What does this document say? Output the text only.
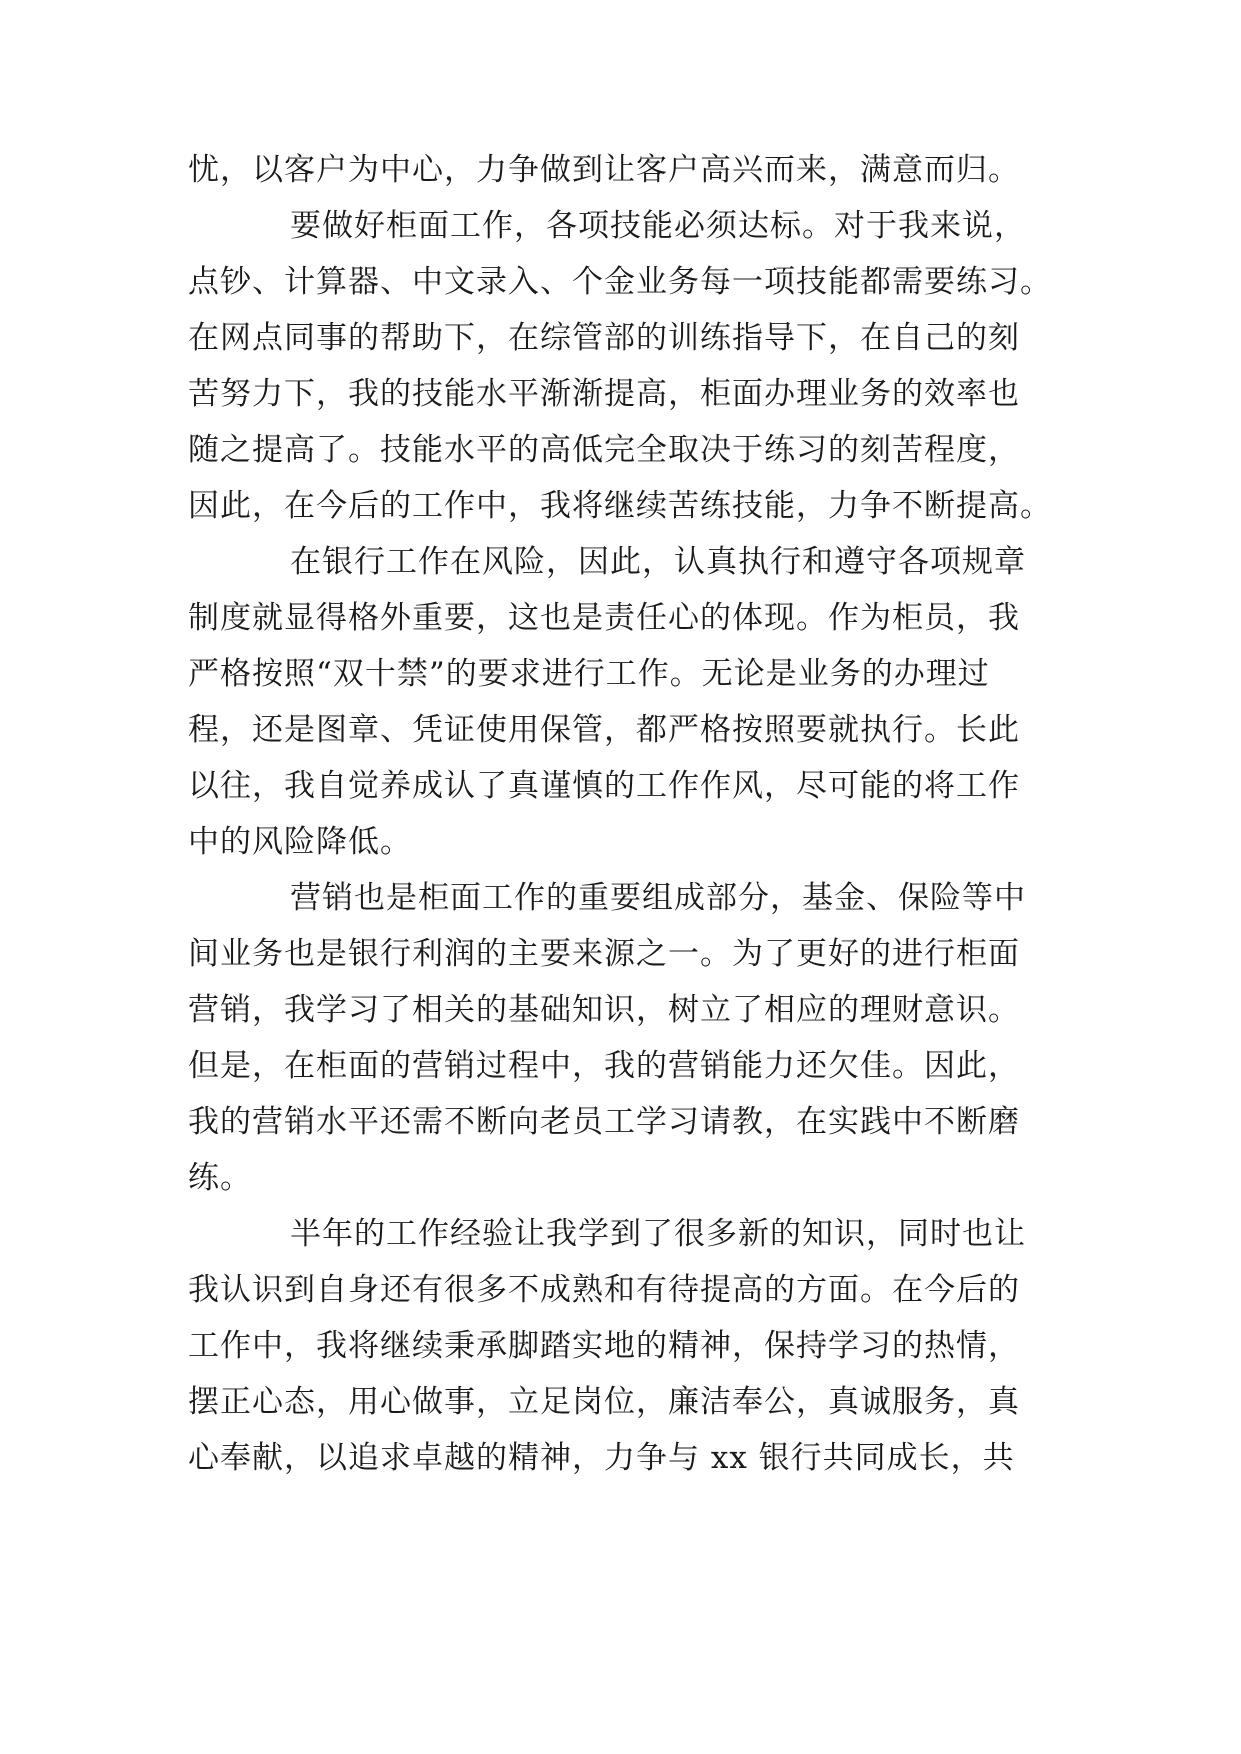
忧，以客户为中心，力争做到让客户高兴而来，满意而归。
要做好柜面工作，各项技能必须达标。对于我来说，
点钞、计算器、中文录入、个金业务每一项技能都需要练习。
在网点同事的帮助下，在综管部的训练指导下，在自己的刻
苦努力下，我的技能水平渐渐提高，柜面办理业务的效率也
随之提高了。技能水平的高低完全取决于练习的刻苦程度，
因此，在今后的工作中，我将继续苦练技能，力争不断提高。
在银行工作在风险，因此，认真执行和遵守各项规章
制度就显得格外重要，这也是责任心的体现。作为柜员，我
严格按照“双十禁”的要求进行工作。无论是业务的办理过
程，还是图章、凭证使用保管，都严格按照要就执行。长此
以往，我自觉养成认了真谨慎的工作作风，尽可能的将工作
中的风险降低。
营销也是柜面工作的重要组成部分，基金、保险等中
间业务也是银行利润的主要来源之一。为了更好的进行柜面
营销，我学习了相关的基础知识，树立了相应的理财意识。
但是，在柜面的营销过程中，我的营销能力还欠佳。因此，
我的营销水平还需不断向老员工学习请教，在实践中不断磨
练。
半年的工作经验让我学到了很多新的知识，同时也让
我认识到自身还有很多不成熟和有待提高的方面。在今后的
工作中，我将继续秉承脚踏实地的精神，保持学习的热情，
摆正心态，用心做事，立足岗位，廉洁奉公，真诚服务，真
心奉献，以追求卓越的精神，力争与 xx 银行共同成长，共
